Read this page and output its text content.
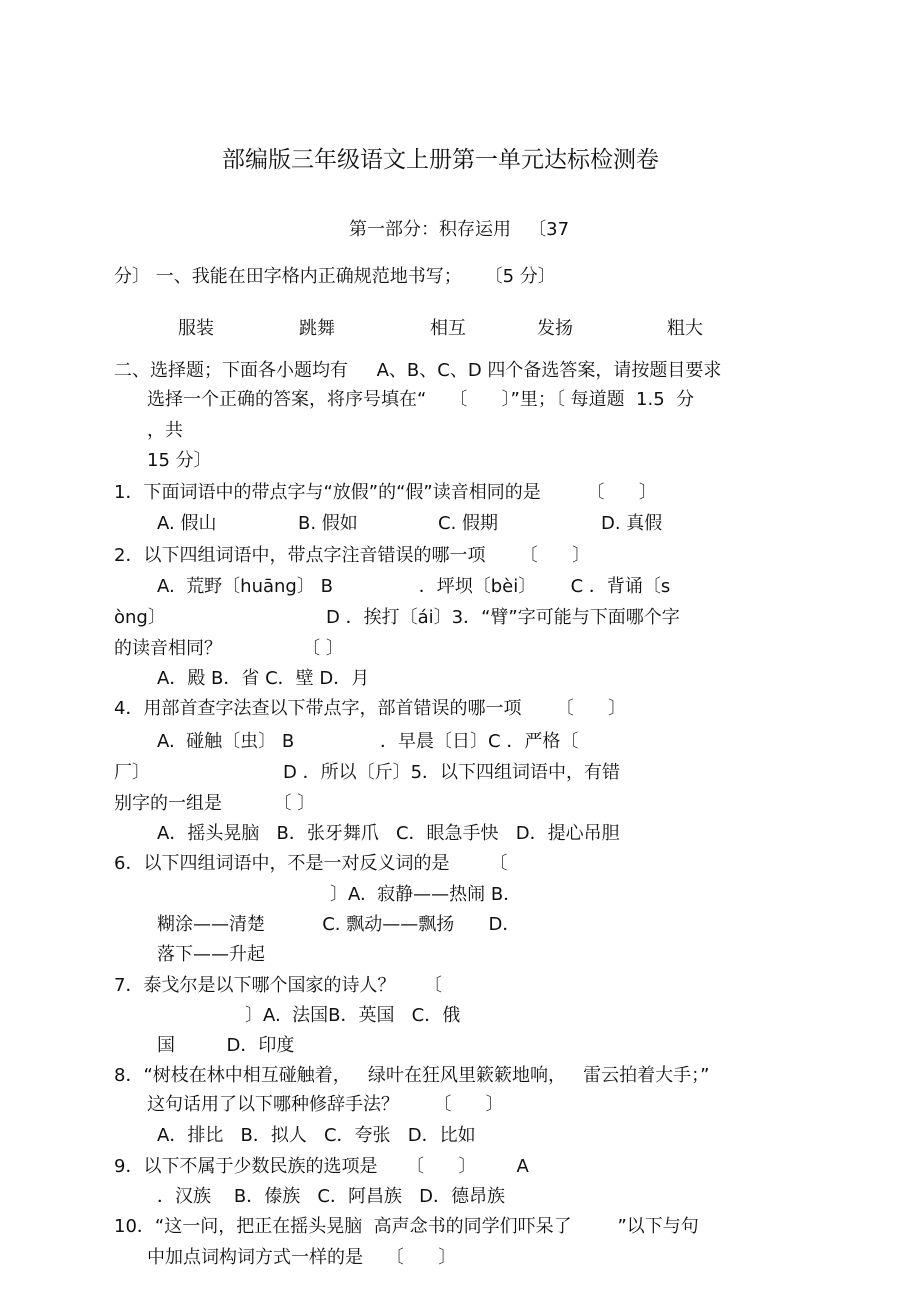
部编版三年级语文上册第一单元达标检测卷
第一部分：积存运用   〔37
分〕 一、我能在田字格内正确规范地书写；    〔5 分〕
服装	跳舞	相互	发扬	粗大
二、选择题；下面各小题均有     A、B、C、D 四个备选答案，请按题目要求
选择一个正确的答案，将序号填在“    〔      〕”里；〔 每道题  1.5  分
，共
15 分〕
1．下面词语中的带点字与“放假”的“假”读音相同的是        〔      〕
A. 假山	B. 假如	C. 假期	D. 真假
2．以下四组词语中，带点字注音错误的哪一项      〔      〕
A.  荒野〔huāng〕 B               ．坪坝〔bèi〕      C ．背诵〔s
òng〕	D ．挨打〔ái〕3．“臂”字可能与下面哪个字
的读音相同？              〔 〕
A．殿 B．省 C．壁 D．月
4．用部首查字法查以下带点字，部首错误的哪一项      〔      〕
A.  碰触〔虫〕 B               ．早晨〔日〕C ．严格〔
厂〕	D ．所以〔斤〕5．以下四组词语中，有错
别字的一组是         〔 〕
A．摇头晃脑   B．张牙舞爪   C．眼急手快   D．提心吊胆
6．以下四组词语中，不是一对反义词的是       〔
〕A.  寂静——热闹 B．
糊涂——清楚          C. 飘动——飘扬      D．
落下——升起
7．泰戈尔是以下哪个国家的诗人？     〔
〕A.  法国B．英国   C．俄
国         D．印度
8．“树枝在林中相互碰触着，   绿叶在狂风里簌簌地响，   雷云拍着大手；”
这句话用了以下哪种修辞手法？      〔      〕
A．排比   B．拟人   C．夸张   D．比如
9．以下不属于少数民族的选项是     〔      〕       A
．汉族    B．傣族   C．阿昌族   D．德昂族
10．“这一问，把正在摇头晃脑  高声念书的同学们吓呆了        ”以下与句
中加点词构词方式一样的是    〔      〕
